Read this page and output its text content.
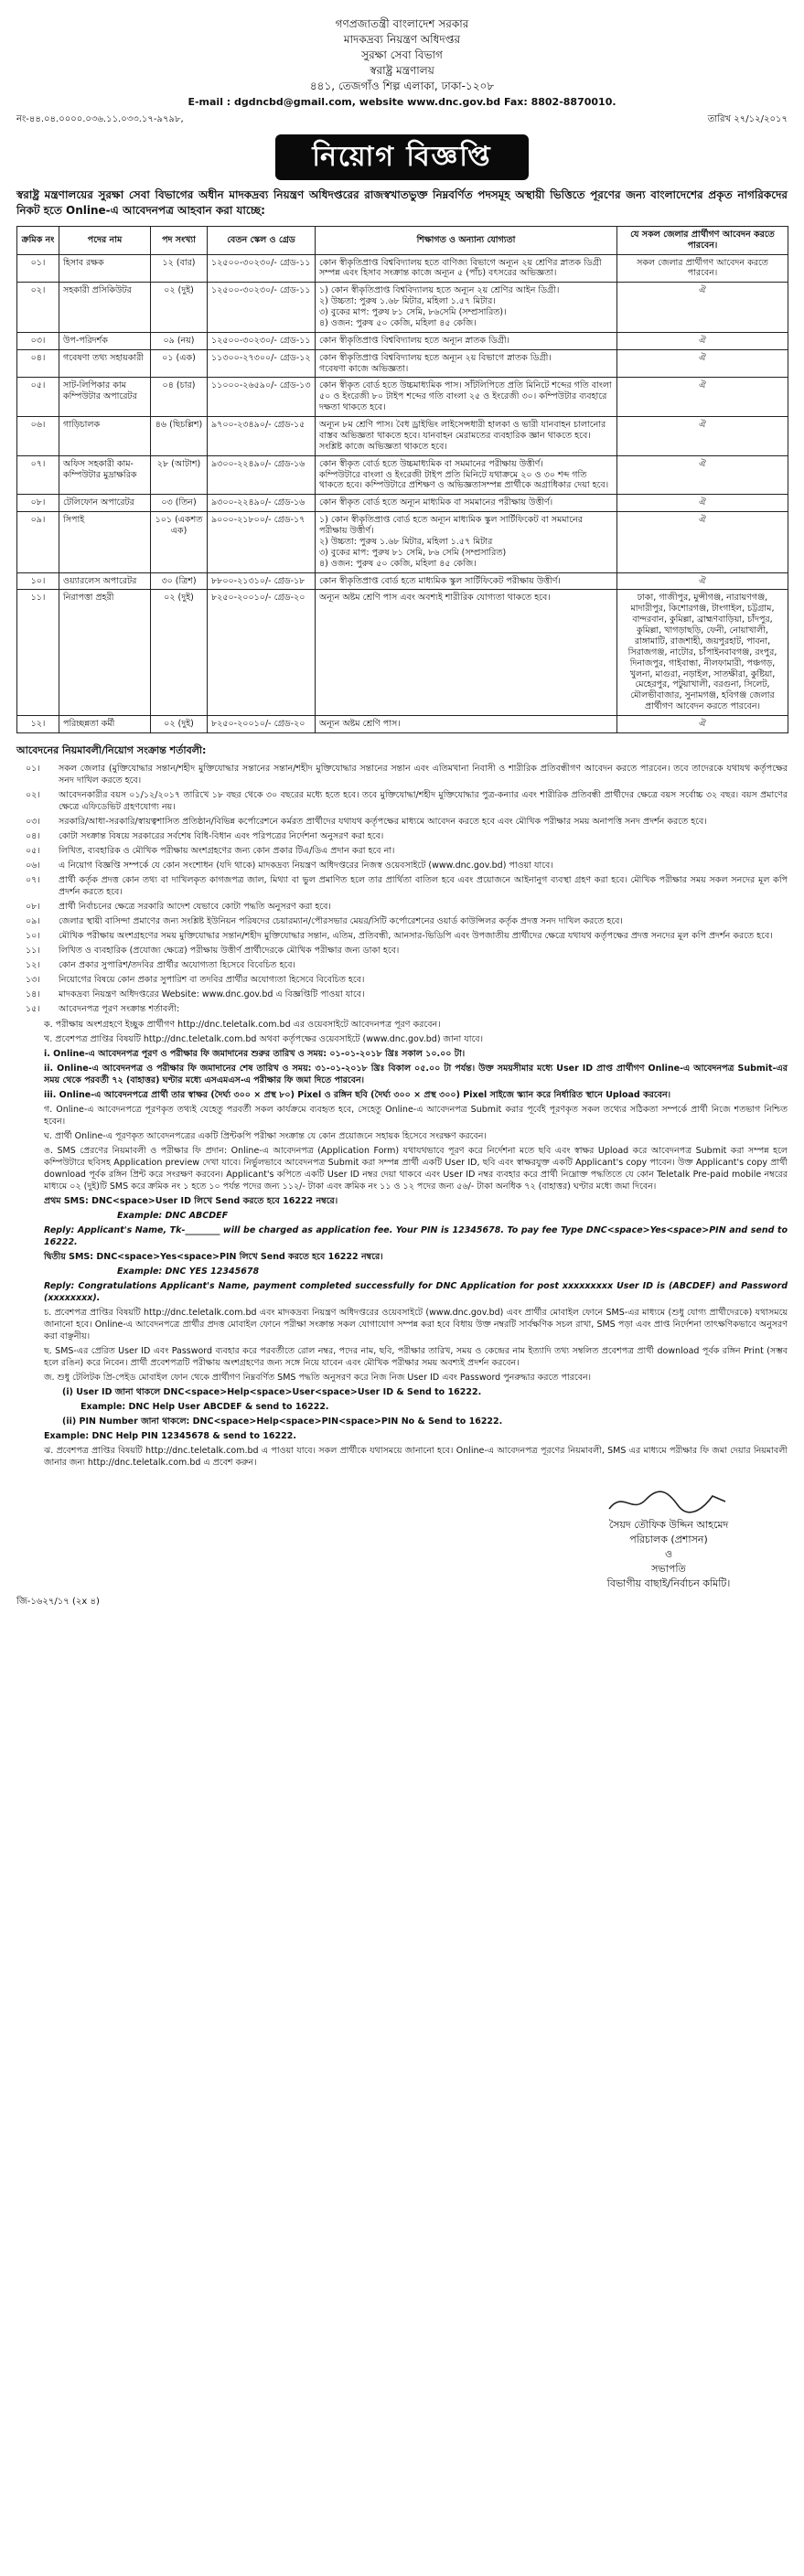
গণপ্রজাতন্ত্রী বাংলাদেশ সরকার
মাদকদ্রব্য নিয়ন্ত্রণ অধিদপ্তর
সুরক্ষা সেবা বিভাগ
স্বরাষ্ট্র মন্ত্রণালয়
৪৪১, তেজগাঁও শিল্প এলাকা, ঢাকা-১২০৮
E-mail : dgdncbd@gmail.com, website www.dnc.gov.bd Fax: 8802-8870010.
নং-৪৪.০৪.০০০০.০৩৬.১১.০৩৩.১৭-৯৭৯৮,	তারিখ ২৭/১২/২০১৭
নিয়োগ বিজ্ঞপ্তি
স্বরাষ্ট্র মন্ত্রণালয়ের সুরক্ষা সেবা বিভাগের অধীন মাদকদ্রব্য নিয়ন্ত্রণ অধিদপ্তরের রাজস্বখাতভুক্ত নিম্নবর্ণিত পদসমূহ অস্থায়ী ভিত্তিতে পূরণের জন্য বাংলাদেশের প্রকৃত নাগরিকদের নিকট হতে Online-এ আবেদনপত্র আহবান করা যাচ্ছে:
ক্রমিক নং	পদের নাম	পদ সংখ্যা	বেতন স্কেল ও গ্রেড	শিক্ষাগত ও অন্যান্য যোগ্যতা	যে সকল জেলার প্রার্থীগণ আবেদন করতে পারবেন।
০১।	হিসাব রক্ষক	১২ (বার)	১২৫০০-৩০২৩০/- গ্রেড-১১	কোন স্বীকৃতিপ্রাপ্ত বিশ্ববিদ্যালয় হতে বাণিজ্য বিভাগে অন্যূন ২য় শ্রেণির স্নাতক ডিগ্রী সম্পন্ন এবং হিসাব সংক্রান্ত কাজে অন্যূন ৫ (পাঁচ) বৎসরের অভিজ্ঞতা।	সকল জেলার প্রার্থীগণ আবেদন করতে পারবেন।
০২।	সহকারী প্রসিকিউটর	০২ (দুই)	১২৫০০-৩০২৩০/- গ্রেড-১১	১) কোন স্বীকৃতিপ্রাপ্ত বিশ্ববিদ্যালয় হতে অন্যূন ২য় শ্রেণির আইন ডিগ্রী।
২) উচ্চতা: পুরুষ ১.৬৮ মিটার, মহিলা ১.৫৭ মিটার।
৩) বুকের মাপ: পুরুষ ৮১ সেমি, ৮৬সেমি (সম্প্রসারিত)।
৪) ওজন: পুরুষ ৫০ কেজি, মহিলা ৪৫ কেজি।	ঐ
০৩।	উপ-পরিদর্শক	০৯ (নয়)	১২৫০০-৩০২৩০/- গ্রেড-১১	কোন স্বীকৃতিপ্রাপ্ত বিশ্ববিদ্যালয় হতে অন্যূন স্নাতক ডিগ্রী।	ঐ
০৪।	গবেষণা তথ্য সহায়কারী	০১ (এক)	১১৩০০-২৭৩০০/- গ্রেড-১২	কোন স্বীকৃতিপ্রাপ্ত বিশ্ববিদ্যালয় হতে অন্যূন ২য় বিভাগে স্নাতক ডিগ্রী।
গবেষণা কাজে অভিজ্ঞতা।	ঐ
০৫।	সাট-লিপিকার কাম কম্পিউটার অপারেটর	০৪ (চার)	১১০০০-২৬৫৯০/- গ্রেড-১৩	কোন স্বীকৃত বোর্ড হতে উচ্চমাধ্যমিক পাস। সাঁটলিপিতে প্রতি মিনিটে শব্দের গতি বাংলা ৫০ ও ইংরেজী ৮০ টাইপ শব্দের গতি বাংলা ২৫ ও ইংরেজী ৩০। কম্পিউটার ব্যবহারে দক্ষতা থাকতে হবে।	ঐ
০৬।	গাড়িচালক	৪৬ (ছিচল্লিশ)	৯৭০০-২৩৪৯০/- গ্রেড-১৫	অন্যূন ৮ম শ্রেণি পাস। বৈধ ড্রাইভিং লাইসেন্সধারী হালকা ও ভারী যানবাহন চালানোর বাস্তব অভিজ্ঞতা থাকতে হবে। যানবাহন মেরামতের ব্যবহারিক জ্ঞান থাকতে হবে।
সংশ্লিষ্ট কাজে অভিজ্ঞতা থাকতে হবে।	ঐ
০৭।	অফিস সহকারী কাম-কম্পিউটার মুদ্রাক্ষরিক	২৮ (আটাশ)	৯৩০০-২২৪৯০/- গ্রেড-১৬	কোন স্বীকৃত বোর্ড হতে উচ্চমাধ্যমিক বা সমমানের পরীক্ষায় উত্তীর্ণ।
কম্পিউটারে বাংলা ও ইংরেজী টাইপ প্রতি মিনিটে যথাক্রমে ২০ ও ৩০ শব্দ গতি থাকতে হবে। কম্পিউটারে প্রশিক্ষণ ও অভিজ্ঞতাসম্পন্ন প্রার্থীকে অগ্রাধিকার দেয়া হবে।	ঐ
০৮।	টেলিফোন অপারেটর	০৩ (তিন)	৯৩০০-২২৪৯০/- গ্রেড-১৬	কোন স্বীকৃত বোর্ড হতে অন্যূন মাধ্যমিক বা সমমানের পরীক্ষায় উত্তীর্ণ।	ঐ
০৯।	সিপাই	১০১ (একশত এক)	৯০০০-২১৮০০/- গ্রেড-১৭	১) কোন স্বীকৃতিপ্রাপ্ত বোর্ড হতে অন্যূন মাধ্যমিক স্কুল সার্টিফিকেট বা সমমানের পরীক্ষায় উত্তীর্ণ।
২) উচ্চতা: পুরুষ ১.৬৮ মিটার, মহিলা ১.৫৭ মিটার
৩) বুকের মাপ: পুরুষ ৮১ সেমি, ৮৬ সেমি (সম্প্রসারিত)
৪) ওজন: পুরুষ ৫০ কেজি, মহিলা ৪৫ কেজি।	ঐ
১০।	ওয়্যারলেস অপারেটর	৩০ (ত্রিশ)	৮৮০০-২১৩১০/- গ্রেড-১৮	কোন স্বীকৃতিপ্রাপ্ত বোর্ড হতে মাধ্যমিক স্কুল সার্টিফিকেট পরীক্ষায় উত্তীর্ণ।	ঐ
১১।	নিরাপত্তা প্রহরী	০২ (দুই)	৮২৫০-২০০১০/- গ্রেড-২০	অন্যূন অষ্টম শ্রেণি পাস এবং অবশ্যই শারীরিক যোগ্যতা থাকতে হবে।	ঢাকা, গাজীপুর, মুন্সীগঞ্জ, নারায়ণগঞ্জ, মাদারীপুর, কিশোরগঞ্জ, টাংগাইল, চট্টগ্রাম, বান্দরবান, কুমিল্লা, ব্রাহ্মণবাড়িয়া, চাঁদপুর, কুমিল্লা, খাগড়াছড়ি, ফেনী, নোয়াখালী, রাঙ্গামাটি, রাজশাহী, জয়পুরহাট, পাবনা, সিরাজগঞ্জ, নাটোর, চাঁপাইনবাবগঞ্জ, রংপুর, দিনাজপুর, গাইবান্ধা, নীলফামারী, পঞ্চগড়, খুলনা, মাগুরা, নড়াইল, সাতক্ষীরা, কুষ্টিয়া, মেহেরপুর, পটুয়াখালী, বরগুনা, সিলেট, মৌলভীবাজার, সুনামগঞ্জ, হবিগঞ্জ জেলার প্রার্থীগণ আবেদন করতে পারবেন।
১২।	পরিচ্ছন্নতা কর্মী	০২ (দুই)	৮২৫০-২০০১০/- গ্রেড-২০	অন্যূন অষ্টম শ্রেণি পাস।	ঐ
আবেদনের নিয়মাবলী/নিয়োগ সংক্রান্ত শর্তাবলী:
০১।	সকল জেলার (মুক্তিযোদ্ধার সন্তান/শহীদ মুক্তিযোদ্ধার সন্তানের সন্তান/শহীদ মুক্তিযোদ্ধার সন্তানের সন্তান এবং এতিমখানা নিবাসী ও শারীরিক প্রতিবন্ধীগণ আবেদন করতে পারবেন। তবে তাদেরকে যথাযথ কর্তৃপক্ষের সনদ দাখিল করতে হবে।
০২।	আবেদনকারীর বয়স ০১/১২/২০১৭ তারিখে ১৮ বছর থেকে ৩০ বছরের মধ্যে হতে হবে। তবে মুক্তিযোদ্ধা/শহীদ মুক্তিযোদ্ধার পুত্র-কন্যার এবং শারীরিক প্রতিবন্ধী প্রার্থীদের ক্ষেত্রে বয়স সর্বোচ্চ ৩২ বছর। বয়স প্রমাণের ক্ষেত্রে এফিডেভিট গ্রহণযোগ্য নয়।
০৩।	সরকারি/আধা-সরকারি/স্বায়ত্বশাসিত প্রতিষ্ঠান/বিভিন্ন কর্পোরেশনে কর্মরত প্রার্থীদের যথাযথ কর্তৃপক্ষের মাধ্যমে আবেদন করতে হবে এবং মৌখিক পরীক্ষার সময় অনাপত্তি সনদ প্রদর্শন করতে হবে।
০৪।	কোটা সংক্রান্ত বিষয়ে সরকারের সর্বশেষ বিধি-বিধান এবং পরিপত্রের নির্দেশনা অনুসরণ করা হবে।
০৫।	লিখিত, ব্যবহারিক ও মৌখিক পরীক্ষায় অংশগ্রহণের জন্য কোন প্রকার টিএ/ডিএ প্রদান করা হবে না।
০৬।	এ নিয়োগ বিজ্ঞপ্তি সম্পর্কে যে কোন সংশোধন (যদি থাকে) মাদকদ্রব্য নিয়ন্ত্রণ অধিদপ্তরের নিজস্ব ওয়েবসাইটে (www.dnc.gov.bd) পাওয়া যাবে।
০৭।	প্রার্থী কর্তৃক প্রদত্ত কোন তথ্য বা দাখিলকৃত কাগজপত্র জাল, মিথ্যা বা ভুল প্রমাণিত হলে তার প্রার্থিতা বাতিল হবে এবং প্রয়োজনে আইনানুগ ব্যবস্থা গ্রহণ করা হবে। মৌখিক পরীক্ষার সময় সকল সনদের মূল কপি প্রদর্শন করতে হবে।
০৮।	প্রার্থী নির্বাচনের ক্ষেত্রে সরকারি আদেশ যেভাবে কোটা পদ্ধতি অনুসরণ করা হবে।
০৯।	জেলার স্থায়ী বাসিন্দা প্রমাণের জন্য সংশ্লিষ্ট ইউনিয়ন পরিষদের চেয়ারম্যান/পৌরসভার মেয়র/সিটি কর্পোরেশনের ওয়ার্ড কাউন্সিলর কর্তৃক প্রদত্ত সনদ দাখিল করতে হবে।
১০।	মৌখিক পরীক্ষায় অংশগ্রহণের সময় মুক্তিযোদ্ধার সন্তান/শহীদ মুক্তিযোদ্ধার সন্তান, এতিম, প্রতিবন্ধী, আনসার-ভিডিপি এবং উপজাতীয় প্রার্থীদের ক্ষেত্রে যথাযথ কর্তৃপক্ষের প্রদত্ত সনদের মূল কপি প্রদর্শন করতে হবে।
১১।	লিখিত ও ব্যবহারিক (প্রযোজ্য ক্ষেত্রে) পরীক্ষায় উত্তীর্ণ প্রার্থীদেরকে মৌখিক পরীক্ষার জন্য ডাকা হবে।
১২।	কোন প্রকার সুপারিশ/তদবির প্রার্থীর অযোগ্যতা হিসেবে বিবেচিত হবে।
১৩।	নিয়োগের বিষয়ে কোন প্রকার সুপারিশ বা তদবির প্রার্থীর অযোগ্যতা হিসেবে বিবেচিত হবে।
১৪।	মাদকদ্রব্য নিয়ন্ত্রণ অধিদপ্তরের Website: www.dnc.gov.bd এ বিজ্ঞপ্তিটি পাওয়া যাবে।
১৫।	আবেদনপত্র পূরণ সংক্রান্ত শর্তাবলী:

ক. পরীক্ষায় অংশগ্রহণে ইচ্ছুক প্রার্থীগণ http://dnc.teletalk.com.bd এর ওয়েবসাইটে আবেদনপত্র পূরণ করবেন।

খ. প্রবেশপত্র প্রাপ্তির বিষয়টি http://dnc.teletalk.com.bd অথবা কর্তৃপক্ষের ওয়েবসাইটে (www.dnc.gov.bd) জানা যাবে।

i. Online-এ আবেদনপত্র পূরণ ও পরীক্ষার ফি জমাদানের শুরুর তারিখ ও সময়: ০১-০১-২০১৮ খ্রিঃ সকাল ১০.০০ টা।

ii. Online-এ আবেদনপত্র ও পরীক্ষার ফি জমাদানের শেষ তারিখ ও সময়: ৩১-০১-২০১৮ খ্রিঃ বিকাল ০৫.০০ টা পর্যন্ত। উক্ত সময়সীমার মধ্যে User ID প্রাপ্ত প্রার্থীগণ Online-এ আবেদনপত্র Submit-এর সময় থেকে পরবর্তী ৭২ (বাহাত্তর) ঘণ্টার মধ্যে এসএমএস-এ পরীক্ষার ফি জমা দিতে পারবেন।

iii. Online-এ আবেদনপত্রে প্রার্থী তার স্বাক্ষর (দৈর্ঘ্য ৩০০ × প্রস্থ ৮০) Pixel ও রঙ্গিন ছবি (দৈর্ঘ্য ৩০০ × প্রস্থ ৩০০) Pixel সাইজে স্ক্যান করে নির্ধারিত স্থানে Upload করবেন।

গ. Online-এ আবেদনপত্রে পূরণকৃত তথ্যই যেহেতু পরবর্তী সকল কার্যক্রমে ব্যবহৃত হবে, সেহেতু Online-এ আবেদনপত্র Submit করার পূর্বেই পূরণকৃত সকল তথ্যের সঠিকতা সম্পর্কে প্রার্থী নিজে শতভাগ নিশ্চিত হবেন।

ঘ. প্রার্থী Online-এ পূরণকৃত আবেদনপত্রের একটি প্রিন্টকপি পরীক্ষা সংক্রান্ত যে কোন প্রয়োজনে সহায়ক হিসেবে সংরক্ষণ করবেন।

ঙ. SMS প্রেরণের নিয়মাবলী ও পরীক্ষার ফি প্রদান: Online-এ আবেদনপত্র (Application Form) যথাযথভাবে পূরণ করে নির্দেশনা মতে ছবি এবং স্বাক্ষর Upload করে আবেদনপত্র Submit করা সম্পন্ন হলে কম্পিউটারে ছবিসহ Application preview দেখা যাবে। নির্ভুলভাবে আবেদনপত্র Submit করা সম্পন্ন প্রার্থী একটি User ID, ছবি এবং স্বাক্ষরযুক্ত একটি Applicant's copy পাবেন। উক্ত Applicant's copy প্রার্থী download পূর্বক রঙ্গিন প্রিন্ট করে সংরক্ষণ করবেন। Applicant's কপিতে একটি User ID নম্বর দেয়া থাকবে এবং User ID নম্বর ব্যবহার করে প্রার্থী নিম্নোক্ত পদ্ধতিতে যে কোন Teletalk Pre-paid mobile নম্বরের মাধ্যমে ০২ (দুই)টি SMS করে ক্রমিক নং ১ হতে ১০ পর্যন্ত পদের জন্য ১১২/- টাকা এবং ক্রমিক নং ১১ ও ১২ পদের জন্য ৫৬/- টাকা অনধিক ৭২ (বাহাত্তর) ঘণ্টার মধ্যে জমা দিবেন।

প্রথম SMS: DNC<space>User ID লিখে Send করতে হবে 16222 নম্বরে।

Example: DNC ABCDEF

Reply: Applicant's Name, Tk-________ will be charged as application fee. Your PIN is 12345678. To pay fee Type DNC<space>Yes<space>PIN and send to 16222.

দ্বিতীয় SMS: DNC<space>Yes<space>PIN লিখে Send করতে হবে 16222 নম্বরে।

Example: DNC YES 12345678

Reply: Congratulations Applicant's Name, payment completed successfully for DNC Application for post xxxxxxxxx User ID is (ABCDEF) and Password (xxxxxxxx).

চ. প্রবেশপত্র প্রাপ্তির বিষয়টি http://dnc.teletalk.com.bd এবং মাদকদ্রব্য নিয়ন্ত্রণ অধিদপ্তরের ওয়েবসাইটে (www.dnc.gov.bd) এবং প্রার্থীর মোবাইল ফোনে SMS-এর মাধ্যমে (শুধু যোগ্য প্রার্থীদেরকে) যথাসময়ে জানানো হবে। Online-এ আবেদনপত্রে প্রার্থীর প্রদত্ত মোবাইল ফোনে পরীক্ষা সংক্রান্ত সকল যোগাযোগ সম্পন্ন করা হবে বিধায় উক্ত নম্বরটি সার্বক্ষণিক সচল রাখা, SMS পড়া এবং প্রাপ্ত নির্দেশনা তাৎক্ষণিকভাবে অনুসরণ করা বাঞ্ছনীয়।

ছ. SMS-এর প্রেরিত User ID এবং Password ব্যবহার করে পরবর্তীতে রোল নম্বর, পদের নাম, ছবি, পরীক্ষার তারিখ, সময় ও কেন্দ্রের নাম ইত্যাদি তথ্য সম্বলিত প্রবেশপত্র প্রার্থী download পূর্বক রঙ্গিন Print (সম্ভব হলে রঙিন) করে নিবেন। প্রার্থী প্রবেশপত্রটি পরীক্ষায় অংশগ্রহণের জন্য সঙ্গে নিয়ে যাবেন এবং মৌখিক পরীক্ষার সময় অবশ্যই প্রদর্শন করবেন।

জ. শুধু টেলিটক প্রি-পেইড মোবাইল ফোন থেকে প্রার্থীগণ নিম্নবর্ণিত SMS পদ্ধতি অনুসরণ করে নিজ নিজ User ID এবং Password পুনরুদ্ধার করতে পারবেন।

(i) User ID জানা থাকলে DNC<space>Help<space>User<space>User ID & Send to 16222.

Example: DNC Help User ABCDEF & send to 16222.

(ii) PIN Number জানা থাকলে: DNC<space>Help<space>PIN<space>PIN No & Send to 16222.

Example: DNC Help PIN 12345678 & send to 16222.

ঝ. প্রবেশপত্র প্রাপ্তির বিষয়টি http://dnc.teletalk.com.bd এ পাওয়া যাবে। সকল প্রার্থীকে যথাসময়ে জানানো হবে। Online-এ আবেদনপত্র পূরণের নিয়মাবলী, SMS এর মাধ্যমে পরীক্ষার ফি জমা দেয়ার নিয়মাবলী জানার জন্য http://dnc.teletalk.com.bd এ প্রবেশ করুন।

সৈয়দ তৌফিক উদ্দিন আহমেদ
পরিচালক (প্রশাসন)
ও
সভাপতি
বিভাগীয় বাছাই/নির্বাচন কমিটি।
জি-১৬২৭/১৭ (২x ৪)
